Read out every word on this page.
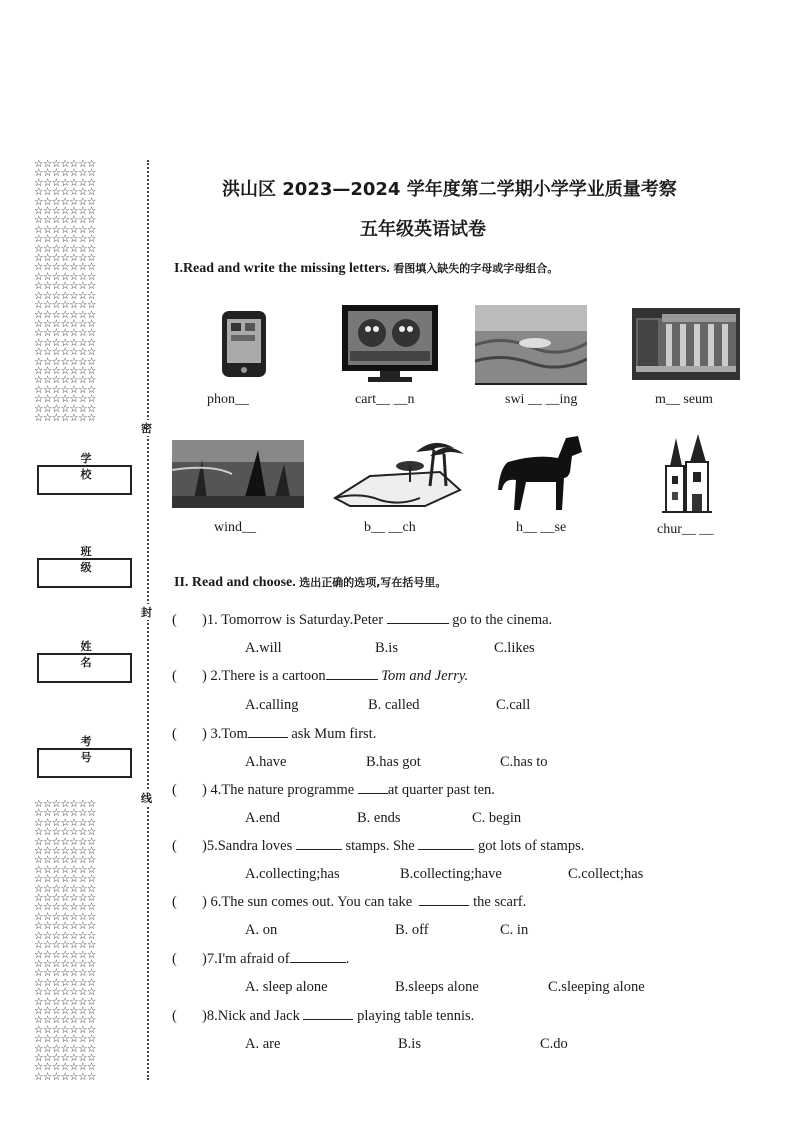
☆☆☆☆☆☆☆
☆☆☆☆☆☆☆
☆☆☆☆☆☆☆
☆☆☆☆☆☆☆
☆☆☆☆☆☆☆
☆☆☆☆☆☆☆
☆☆☆☆☆☆☆
☆☆☆☆☆☆☆
☆☆☆☆☆☆☆
☆☆☆☆☆☆☆
☆☆☆☆☆☆☆
☆☆☆☆☆☆☆
☆☆☆☆☆☆☆
☆☆☆☆☆☆☆
☆☆☆☆☆☆☆
☆☆☆☆☆☆☆
☆☆☆☆☆☆☆
☆☆☆☆☆☆☆
☆☆☆☆☆☆☆
☆☆☆☆☆☆☆
☆☆☆☆☆☆☆
☆☆☆☆☆☆☆
☆☆☆☆☆☆☆
☆☆☆☆☆☆☆
☆☆☆☆☆☆☆
☆☆☆☆☆☆☆
☆☆☆☆☆☆☆
☆☆☆☆☆☆☆
学 校
班 级
姓 名
考 号
☆☆☆☆☆☆☆
☆☆☆☆☆☆☆
☆☆☆☆☆☆☆
☆☆☆☆☆☆☆
☆☆☆☆☆☆☆
☆☆☆☆☆☆☆
☆☆☆☆☆☆☆
☆☆☆☆☆☆☆
☆☆☆☆☆☆☆
☆☆☆☆☆☆☆
☆☆☆☆☆☆☆
☆☆☆☆☆☆☆
☆☆☆☆☆☆☆
☆☆☆☆☆☆☆
☆☆☆☆☆☆☆
☆☆☆☆☆☆☆
☆☆☆☆☆☆☆
☆☆☆☆☆☆☆
☆☆☆☆☆☆☆
☆☆☆☆☆☆☆
☆☆☆☆☆☆☆
☆☆☆☆☆☆☆
☆☆☆☆☆☆☆
☆☆☆☆☆☆☆
☆☆☆☆☆☆☆
☆☆☆☆☆☆☆
☆☆☆☆☆☆☆
☆☆☆☆☆☆☆
☆☆☆☆☆☆☆
☆☆☆☆☆☆☆
密
封
线
洪山区 2023—2024 学年度第二学期小学学业质量考察
五年级英语试卷
I.Read and write the missing letters. 看图填入缺失的字母或字母组合。
phon__	cart__ __n	swi __ __ing	m__ seum
wind__	b__ __ch	h__ __se	chur__ __
II. Read and choose. 选出正确的选项,写在括号里。
( )1. Tomorrow is Saturday.Peter	go to the cinema.
A.will	B.is	C.likes
( ) 2.There is a cartoon	Tom and Jerry.
A.calling	B. called	C.call
( ) 3.Tom	ask Mum first.
A.have	B.has got	C.has to
( ) 4.The nature programme at quarter past ten.
A.end	B. ends	C. begin
( )5.Sandra loves	stamps. She	got lots of stamps.
A.collecting;has	B.collecting;have	C.collect;has
( ) 6.The sun comes out. You can take	the scarf.
A. on	B. off	C. in
( )7.I'm afraid of	.
A. sleep alone	B.sleeps alone	C.sleeping alone
( )8.Nick and Jack	playing table tennis.
A. are	B.is	C.do
